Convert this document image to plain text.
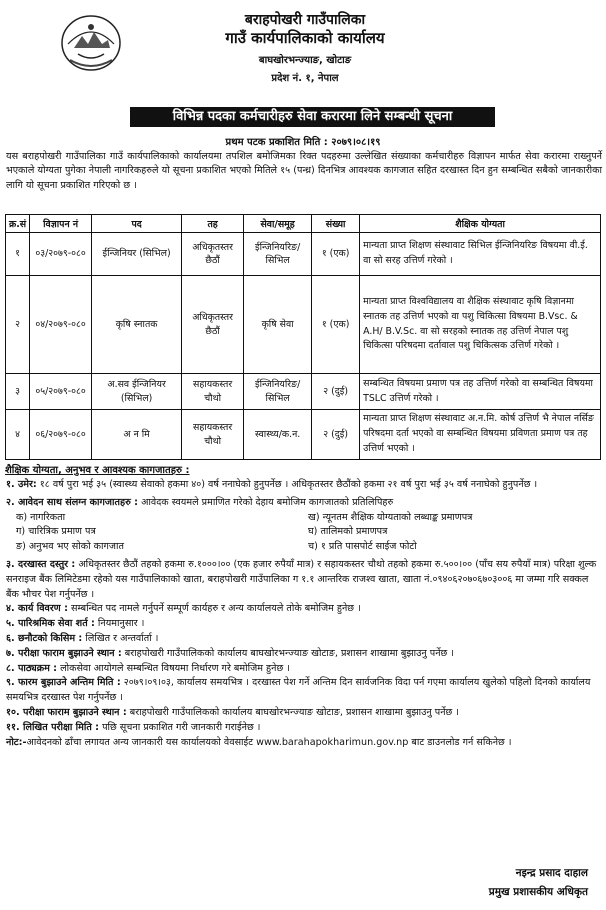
बराहपोखरी गाउँपालिका
गाउँ कार्यपालिकाको कार्यालय
बाघखोरभन्ज्याङ, खोटाङ
प्रदेश नं. १, नेपाल
विभिन्न पदका कर्मचारीहरु सेवा करारमा लिने सम्बन्धी सूचना
प्रथम पटक प्रकाशित मिति : २०७९।०८।१९
यस बराहपोखरी गाउँपालिका गाउँ कार्यपालिकाको कार्यालयमा तपशिल बमोजिमका रिक्त पदहरुमा उल्लेखित संख्याका कर्मचारीहरु विज्ञापन मार्फत सेवा करारमा राख्नुपर्ने भएकाले योग्यता पुगेका नेपाली नागरिकहरुले यो सूचना प्रकाशित भएको मितिले १५ (पन्ध्र) दिनभित्र आवश्यक कागजात सहित दरखास्त दिन हुन सम्बन्धित सबैको जानकारीका लागि यो सूचना प्रकाशित गरिएको छ ।
क्र.सं	विज्ञापन नं	पद	तह	सेवा/समूह	संख्या	शैक्षिक योग्यता
१	०३/२०७९-०८०	ईन्जिनियर (सिभिल)	अधिकृतस्तर छैठौं	ईन्जिनियरिङ/सिभिल	१ (एक)	मान्यता प्राप्त शिक्षण संस्थावाट सिभिल ईन्जिनियरिङ विषयमा वी.ई. वा सो सरह उत्तिर्ण गरेको ।
२	०४/२०७९-०८०	कृषि स्नातक	अधिकृतस्तर छैठौं	कृषि सेवा	१ (एक)	मान्यता प्राप्त विश्वविद्यालय वा शैक्षिक संस्थावाट कृषि विज्ञानमा स्नातक तह उत्तिर्ण भएको वा पशु चिकित्सा विषयमा B.Vsc. & A.H/ B.V.Sc. वा सो सरहको स्नातक तह उत्तिर्ण नेपाल पशु चिकित्सा परिषदमा दर्तावाल पशु चिकित्सक उत्तिर्ण गरेको ।
३	०५/२०७९-०८०	अ.सव ईन्जिनियर (सिभिल)	सहायकस्तर चौथो	ईन्जिनियरिङ/सिभिल	२ (दुई)	सम्बन्धित विषयमा प्रमाण पत्र तह उत्तिर्ण गरेको वा सम्बन्धित विषयमा TSLC उत्तिर्ण गरेको ।
४	०६/२०७९-०८०	अ न मि	सहायकस्तर चौथो	स्वास्थ्य/क.न.	२ (दुई)	मान्यता प्राप्त शिक्षण संस्थावाट अ.न.मि. कोर्ष उत्तिर्ण भै नेपाल नर्सिङ परिषदमा दर्ता भएको वा सम्बन्धित विषयमा प्रविणता प्रमाण पत्र तह उत्तिर्ण भएको ।
शैक्षिक योग्यता, अनुभव र आवश्यक कागजातहरु :

१. उमेर: १८ वर्ष पुरा भई ३५ (स्वास्थ्य सेवाको हकमा ४०) वर्ष ननाघेको हुनुपर्नेछ । अधिकृतस्तर छैठौंको हकमा २१ वर्ष पुरा भई ३५ वर्ष ननाघेको हुनुपर्नेछ ।

२. आवेदन साथ संलग्न कागजातहरु : आवेदक स्वयमले प्रमाणित गरेको देहाय बमोजिम कागजातको प्रतिलिपिहरु

क) नागरिकता	ख) न्यूनतम शैक्षिक योग्यताको लब्धाङ्क प्रमाणपत्र
ग) चारित्रिक प्रमाण पत्र	घ) तालिमको प्रमाणपत्र
ङ) अनुभव भए सोको कागजात	च) १ प्रति पासपोर्ट साईज फोटो

३. दरखास्त दस्तुर : अधिकृतस्तर छैठौं तहको हकमा रु.१०००।०० (एक हजार रुपैयाँ मात्र) र सहायकस्तर चौथो तहको हकमा रु.५००।०० (पाँच सय रुपैयाँ मात्र) परिक्षा शुल्क सनराइज बैंक लिमिटेडमा रहेको यस गाउँपालिकाको खाता, बराहपोखरी गाउँपालिका ग १.१ आन्तरिक राजश्व खाता, खाता नं.०९४०६२०७०६७०३००६ मा जम्मा गरि सक्कल बैंक भौचर पेश गर्नुपर्नेछ ।

४. कार्य विवरण : सम्बन्धित पद नामले गर्नुपर्ने सम्पूर्ण कार्यहरु र अन्य कार्यालयले तोके बमोजिम हुनेछ ।

५. पारिश्रमिक सेवा शर्त : नियमानुसार ।

६. छनौटको किसिम : लिखित र अन्तर्वार्ता ।

७. परीक्षा फाराम बुझाउने स्थान : बराहपोखरी गाउँपालिकको कार्यालय बाघखोरभन्ज्याङ खोटाङ, प्रशासन शाखामा बुझाउनु पर्नेछ ।

८. पाठ्यक्रम : लोकसेवा आयोगले सम्बन्धित विषयमा निर्धारण गरे बमोजिम हुनेछ ।

९. फारम बुझाउने अन्तिम मिति : २०७९।०९।०३, कार्यालय समयभित्र । दरखास्त पेश गर्ने अन्तिम दिन सार्वजनिक विदा पर्न गएमा कार्यालय खुलेको पहिलो दिनको कार्यालय समयभित्र दरखास्त पेश गर्नुपर्नेछ ।

१०. परीक्षा फाराम बुझाउने स्थान : बराहपोखरी गाउँपालिकको कार्यालय बाघखोरभन्ज्याङ खोटाङ, प्रशासन शाखामा बुझाउनु पर्नेछ ।

११. लिखित परीक्षा मिति : पछि सूचना प्रकाशित गरी जानकारी गराईनेछ ।

नोट:-आवेदनको ढाँचा लगायत अन्य जानकारी यस कार्यालयको वेवसाईट www.barahapokharimun.gov.np बाट डाउनलोड गर्न सकिनेछ ।

नइन्द्र प्रसाद दाहाल
प्रमुख प्रशासकीय अधिकृत
